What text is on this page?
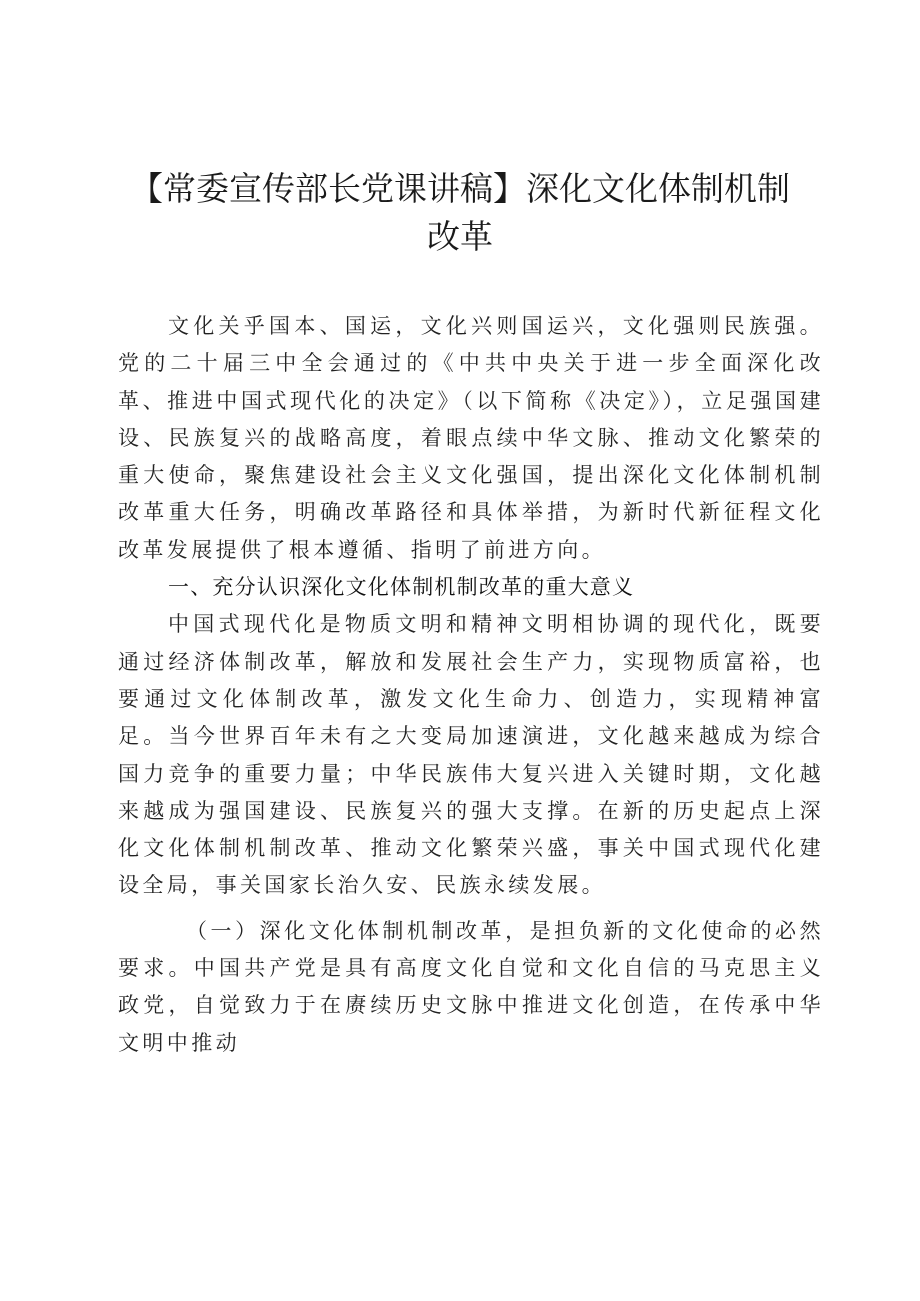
【常委宣传部长党课讲稿】深化文化体制机制
改革

文化关乎国本、国运，文化兴则国运兴，文化强则民族强。党的二十届三中全会通过的《中共中央关于进一步全面深化改革、推进中国式现代化的决定》（以下简称《决定》），立足强国建设、民族复兴的战略高度，着眼点续中华文脉、推动文化繁荣的重大使命，聚焦建设社会主义文化强国，提出深化文化体制机制改革重大任务，明确改革路径和具体举措，为新时代新征程文化改革发展提供了根本遵循、指明了前进方向。

一、充分认识深化文化体制机制改革的重大意义

中国式现代化是物质文明和精神文明相协调的现代化，既要通过经济体制改革，解放和发展社会生产力，实现物质富裕，也要通过文化体制改革，激发文化生命力、创造力，实现精神富足。当今世界百年未有之大变局加速演进，文化越来越成为综合国力竞争的重要力量；中华民族伟大复兴进入关键时期，文化越来越成为强国建设、民族复兴的强大支撑。在新的历史起点上深化文化体制机制改革、推动文化繁荣兴盛，事关中国式现代化建设全局，事关国家长治久安、民族永续发展。

（一）深化文化体制机制改革，是担负新的文化使命的必然要求。中国共产党是具有高度文化自觉和文化自信的马克思主义政党，自觉致力于在赓续历史文脉中推进文化创造，在传承中华文明中推动
